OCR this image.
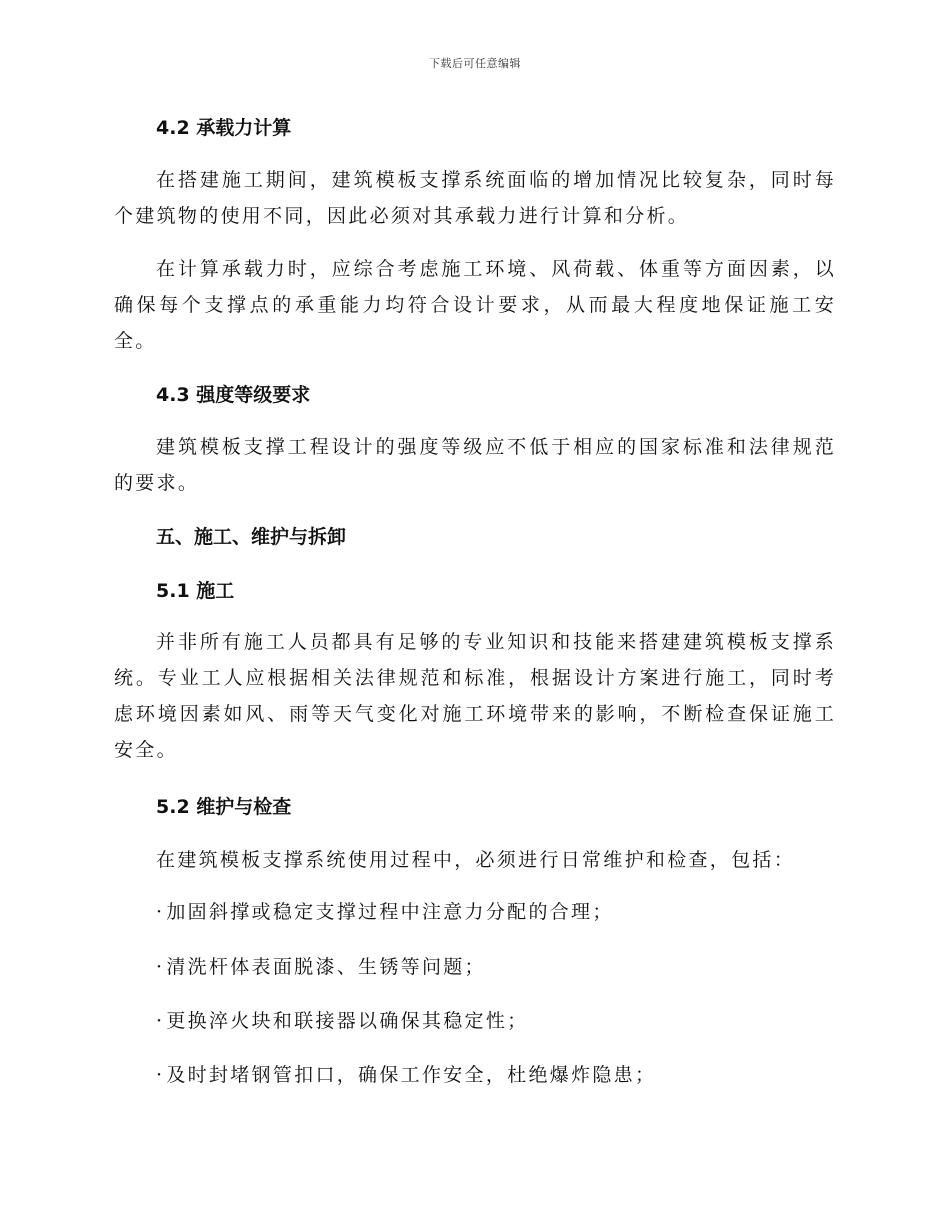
下载后可任意编辑
4.2 承载力计算

在搭建施工期间，建筑模板支撑系统面临的增加情况比较复杂，同时每个建筑物的使用不同，因此必须对其承载力进行计算和分析。

在计算承载力时，应综合考虑施工环境、风荷载、体重等方面因素，以确保每个支撑点的承重能力均符合设计要求，从而最大程度地保证施工安全。

4.3 强度等级要求

建筑模板支撑工程设计的强度等级应不低于相应的国家标准和法律规范的要求。

五、施工、维护与拆卸
5.1 施工

并非所有施工人员都具有足够的专业知识和技能来搭建建筑模板支撑系统。专业工人应根据相关法律规范和标准，根据设计方案进行施工，同时考虑环境因素如风、雨等天气变化对施工环境带来的影响，不断检查保证施工安全。

5.2 维护与检查
在建筑模板支撑系统使用过程中，必须进行日常维护和检查，包括：
· 加固斜撑或稳定支撑过程中注意力分配的合理；
· 清洗杆体表面脱漆、生锈等问题；
· 更换淬火块和联接器以确保其稳定性；
· 及时封堵钢管扣口，确保工作安全，杜绝爆炸隐患；
